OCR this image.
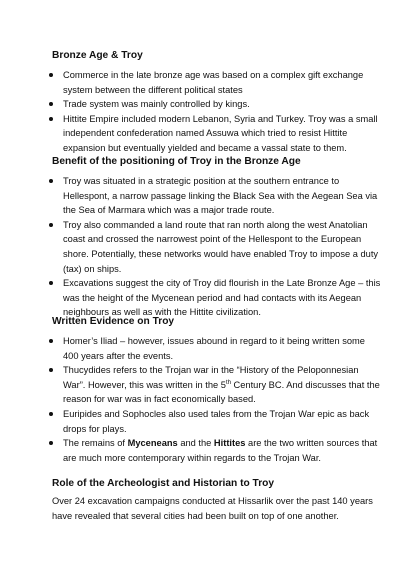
Bronze Age & Troy

Commerce in the late bronze age was based on a complex gift exchange system between the different political states
Trade system was mainly controlled by kings.
Hittite Empire included modern Lebanon, Syria and Turkey. Troy was a small independent confederation named Assuwa which tried to resist Hittite expansion but eventually yielded and became a vassal state to them.

Benefit of the positioning of Troy in the Bronze Age

Troy was situated in a strategic position at the southern entrance to Hellespont, a narrow passage linking the Black Sea with the Aegean Sea via the Sea of Marmara which was a major trade route.
Troy also commanded a land route that ran north along the west Anatolian coast and crossed the narrowest point of the Hellespont to the European shore. Potentially, these networks would have enabled Troy to impose a duty (tax) on ships.
Excavations suggest the city of Troy did flourish in the Late Bronze Age – this was the height of the Mycenean period and had contacts with its Aegean neighbours as well as with the Hittite civilization.

Written Evidence on Troy

Homer’s Iliad – however, issues abound in regard to it being written some 400 years after the events.
Thucydides refers to the Trojan war in the “History of the Peloponnesian War”. However, this was written in the 5th Century BC. And discusses that the reason for war was in fact economically based.
Euripides and Sophocles also used tales from the Trojan War epic as back drops for plays.
The remains of Myceneans and the Hittites are the two written sources that are much more contemporary within regards to the Trojan War.

Role of the Archeologist and Historian to Troy

Over 24 excavation campaigns conducted at Hissarlik over the past 140 years have revealed that several cities had been built on top of one another.
